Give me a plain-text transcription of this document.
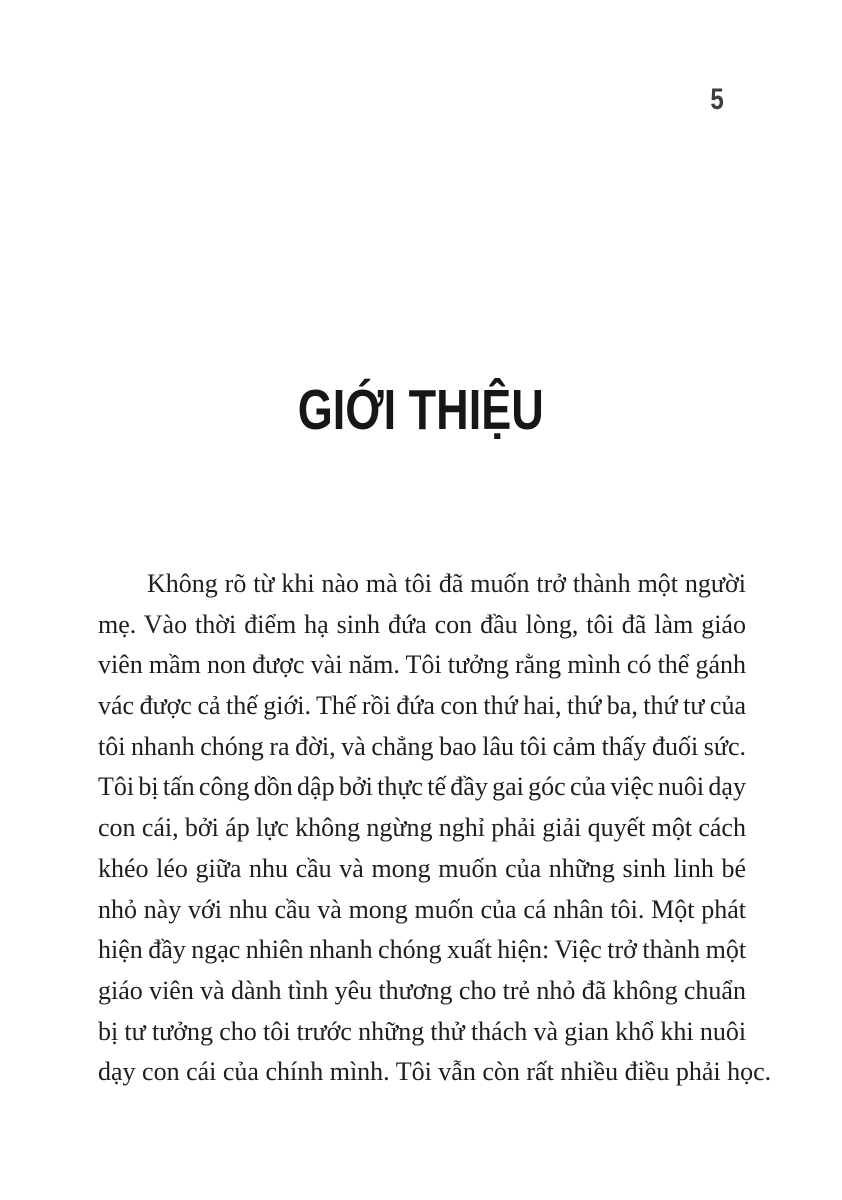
5
GIỚI THIỆU
Không rõ từ khi nào mà tôi đã muốn trở thành một người
mẹ. Vào thời điểm hạ sinh đứa con đầu lòng, tôi đã làm giáo
viên mầm non được vài năm. Tôi tưởng rằng mình có thể gánh
vác được cả thế giới. Thế rồi đứa con thứ hai, thứ ba, thứ tư của
tôi nhanh chóng ra đời, và chẳng bao lâu tôi cảm thấy đuối sức.
Tôi bị tấn công dồn dập bởi thực tế đầy gai góc của việc nuôi dạy
con cái, bởi áp lực không ngừng nghỉ phải giải quyết một cách
khéo léo giữa nhu cầu và mong muốn của những sinh linh bé
nhỏ này với nhu cầu và mong muốn của cá nhân tôi. Một phát
hiện đầy ngạc nhiên nhanh chóng xuất hiện: Việc trở thành một
giáo viên và dành tình yêu thương cho trẻ nhỏ đã không chuẩn
bị tư tưởng cho tôi trước những thử thách và gian khổ khi nuôi
dạy con cái của chính mình. Tôi vẫn còn rất nhiều điều phải học.
